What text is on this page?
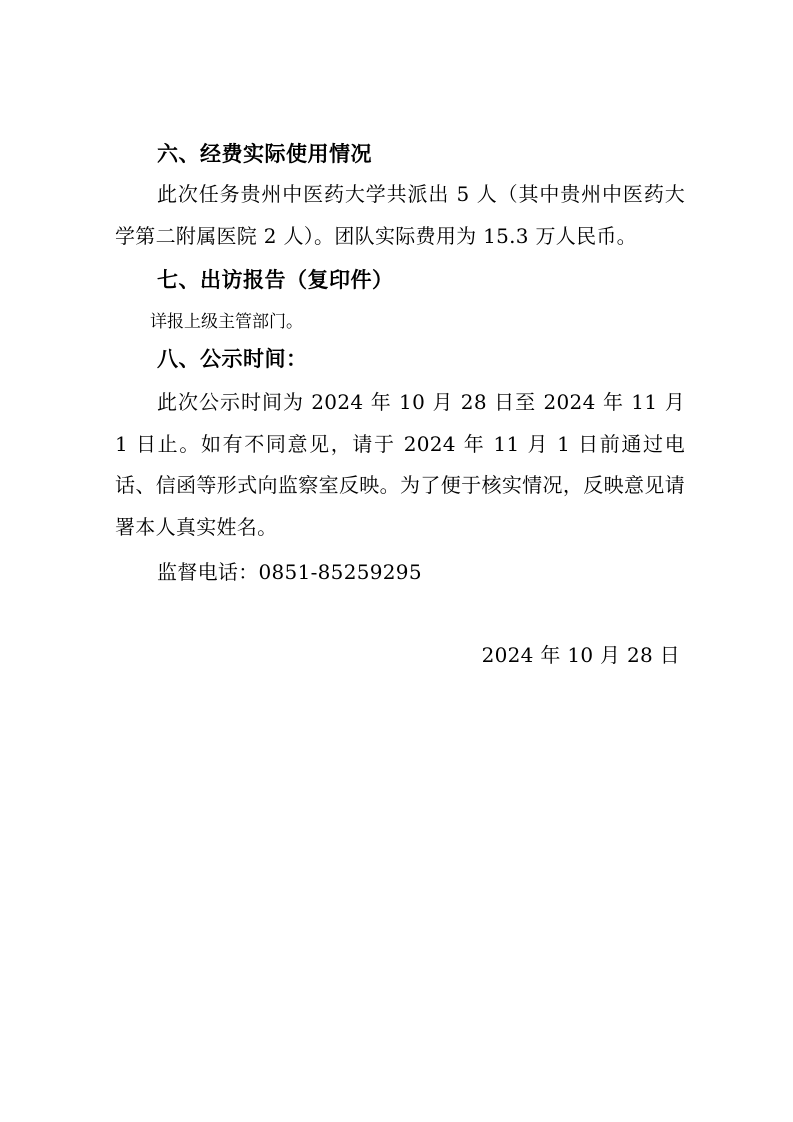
六、经费实际使用情况
此次任务贵州中医药大学共派出 5 人（其中贵州中医药大学第二附属医院 2 人）。团队实际费用为 15.3 万人民币。
七、出访报告（复印件）
详报上级主管部门。
八、公示时间：
此次公示时间为 2024 年 10 月 28 日至 2024 年 11 月 1 日止。如有不同意见，请于 2024 年 11 月 1 日前通过电话、信函等形式向监察室反映。为了便于核实情况，反映意见请署本人真实姓名。
监督电话：0851-85259295
2024 年 10 月 28 日
